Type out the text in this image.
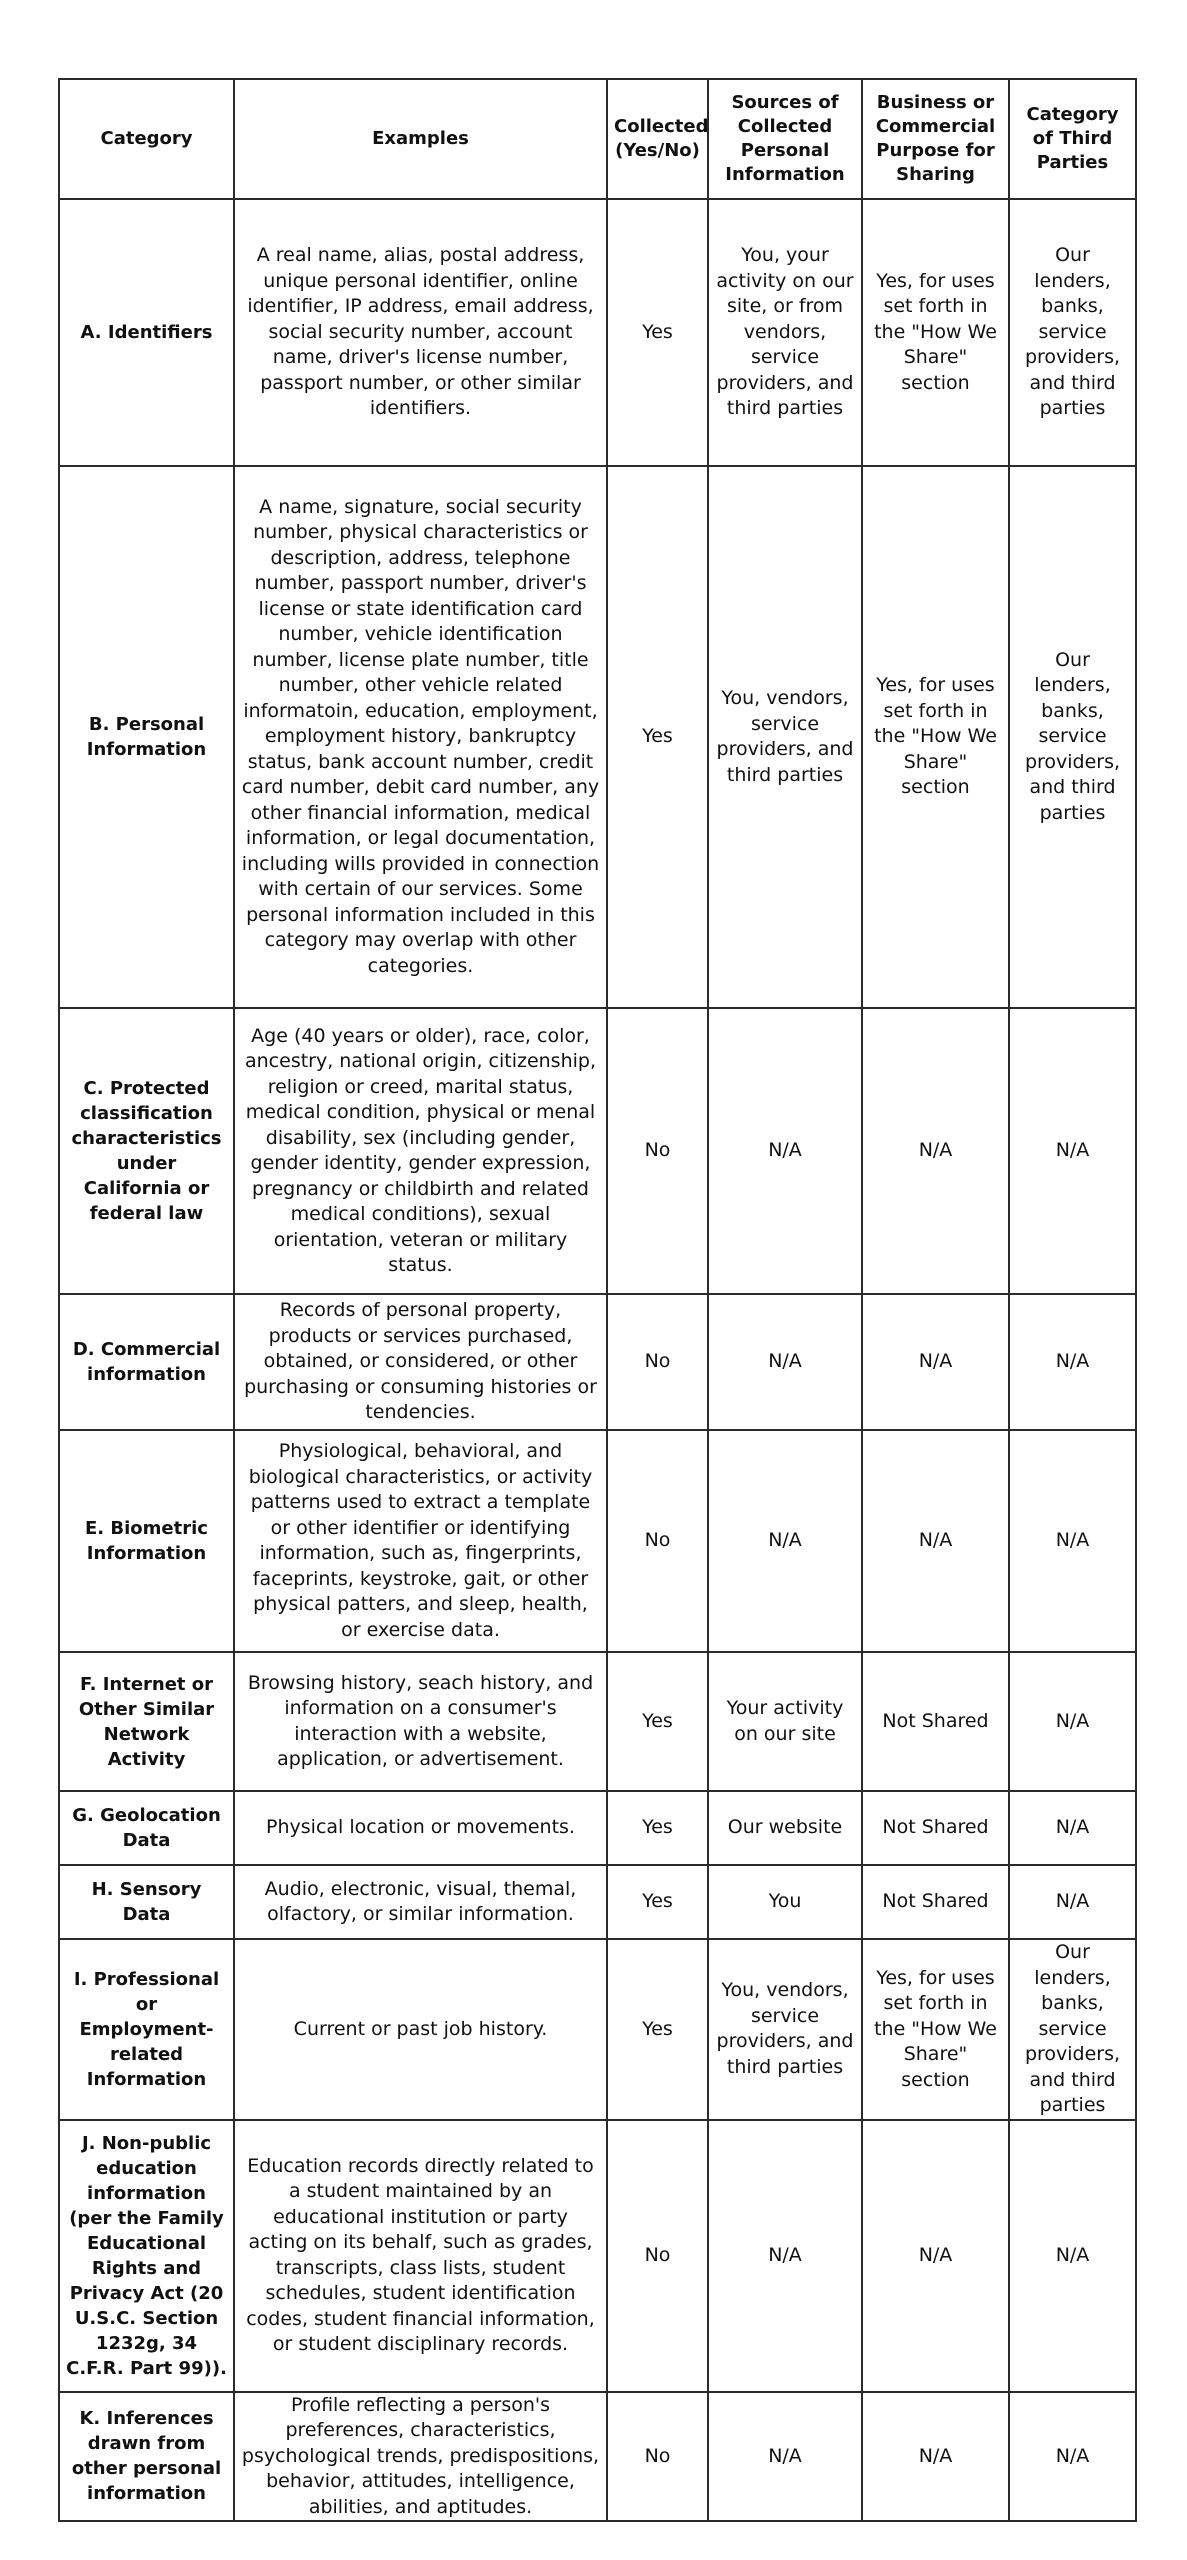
Category	Examples	Collected (Yes/No)	Sources of Collected Personal Information	Business or Commercial Purpose for Sharing	Category of Third Parties
A. Identifiers	A real name, alias, postal address, unique personal identifier, online identifier, IP address, email address, social security number, account name, driver's license number, passport number, or other similar identifiers.	Yes	You, your activity on our site, or from vendors, service providers, and third parties	Yes, for uses set forth in the "How We Share" section	Our lenders, banks, service providers, and third parties
B. Personal Information	A name, signature, social security number, physical characteristics or description, address, telephone number, passport number, driver's license or state identification card number, vehicle identification number, license plate number, title number, other vehicle related informatoin, education, employment, employment history, bankruptcy status, bank account number, credit card number, debit card number, any other financial information, medical information, or legal documentation, including wills provided in connection with certain of our services. Some personal information included in this category may overlap with other categories.	Yes	You, vendors, service providers, and third parties	Yes, for uses set forth in the "How We Share" section	Our lenders, banks, service providers, and third parties
C. Protected classification characteristics under California or federal law	Age (40 years or older), race, color, ancestry, national origin, citizenship, religion or creed, marital status, medical condition, physical or menal disability, sex (including gender, gender identity, gender expression, pregnancy or childbirth and related medical conditions), sexual orientation, veteran or military status.	No	N/A	N/A	N/A
D. Commercial information	Records of personal property, products or services purchased, obtained, or considered, or other purchasing or consuming histories or tendencies.	No	N/A	N/A	N/A
E. Biometric Information	Physiological, behavioral, and biological characteristics, or activity patterns used to extract a template or other identifier or identifying information, such as, fingerprints, faceprints, keystroke, gait, or other physical patters, and sleep, health, or exercise data.	No	N/A	N/A	N/A
F. Internet or Other Similar Network Activity	Browsing history, seach history, and information on a consumer's interaction with a website, application, or advertisement.	Yes	Your activity on our site	Not Shared	N/A
G. Geolocation Data	Physical location or movements.	Yes	Our website	Not Shared	N/A
H. Sensory Data	Audio, electronic, visual, themal, olfactory, or similar information.	Yes	You	Not Shared	N/A
I. Professional or Employment-related Information	Current or past job history.	Yes	You, vendors, service providers, and third parties	Yes, for uses set forth in the "How We Share" section	Our lenders, banks, service providers, and third parties
J. Non-public education information (per the Family Educational Rights and Privacy Act (20 U.S.C. Section 1232g, 34 C.F.R. Part 99)).	Education records directly related to a student maintained by an educational institution or party acting on its behalf, such as grades, transcripts, class lists, student schedules, student identification codes, student financial information, or student disciplinary records.	No	N/A	N/A	N/A
K. Inferences drawn from other personal information	Profile reflecting a person's preferences, characteristics, psychological trends, predispositions, behavior, attitudes, intelligence, abilities, and aptitudes.	No	N/A	N/A	N/A
